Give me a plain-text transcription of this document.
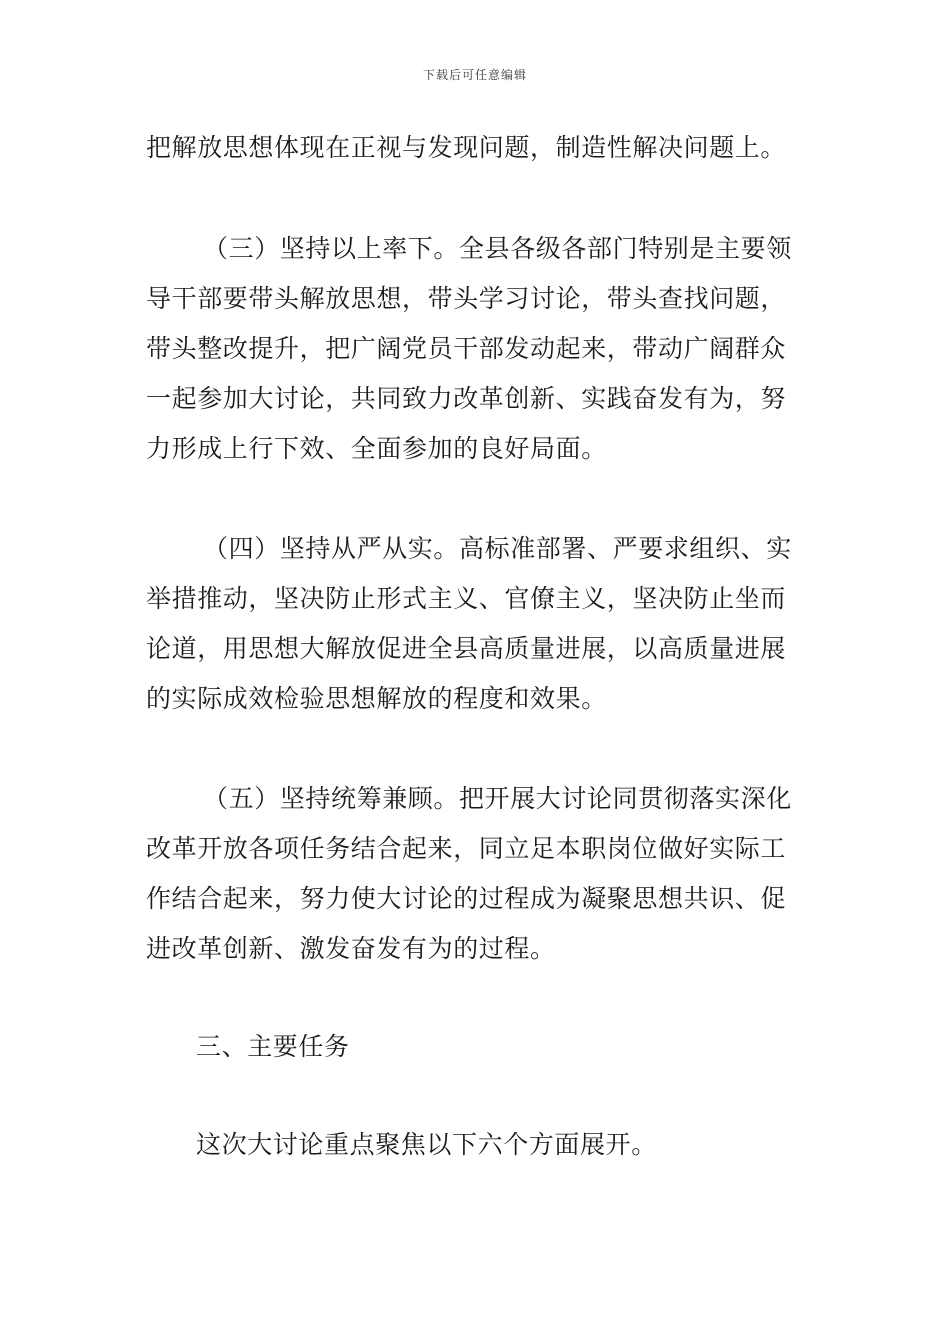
下载后可任意编辑
把解放思想体现在正视与发现问题，制造性解决问题上。
（三）坚持以上率下。全县各级各部门特别是主要领
导干部要带头解放思想，带头学习讨论，带头查找问题，
带头整改提升，把广阔党员干部发动起来，带动广阔群众
一起参加大讨论，共同致力改革创新、实践奋发有为，努
力形成上行下效、全面参加的良好局面。
（四）坚持从严从实。高标准部署、严要求组织、实
举措推动，坚决防止形式主义、官僚主义，坚决防止坐而
论道，用思想大解放促进全县高质量进展，以高质量进展
的实际成效检验思想解放的程度和效果。
（五）坚持统筹兼顾。把开展大讨论同贯彻落实深化
改革开放各项任务结合起来，同立足本职岗位做好实际工
作结合起来，努力使大讨论的过程成为凝聚思想共识、促
进改革创新、激发奋发有为的过程。
三、主要任务
这次大讨论重点聚焦以下六个方面展开。
